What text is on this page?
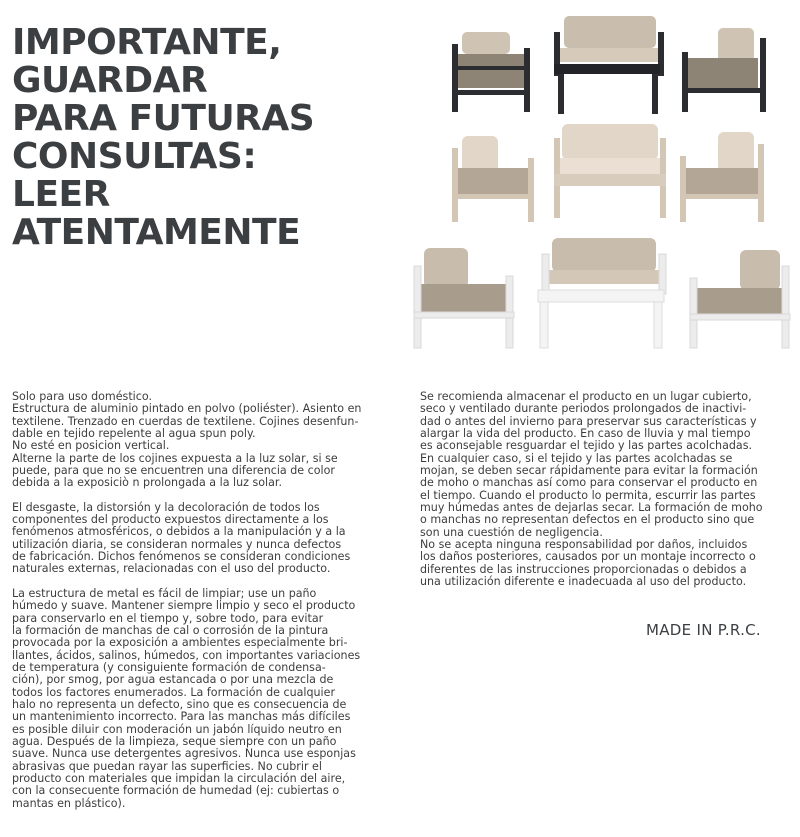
IMPORTANTE,
GUARDAR
PARA FUTURAS
CONSULTAS:
LEER
ATENTAMENTE

Solo para uso doméstico.
Estructura de aluminio pintado en polvo (poliéster). Asiento en
textilene. Trenzado en cuerdas de textilene. Cojines desenfun-
dable en tejido repelente al agua spun poly.
No esté en posicion vertical.
Alterne la parte de los cojines expuesta a la luz solar, si se
puede, para que no se encuentren una diferencia de color
debida a la exposiciò n prolongada a la luz solar.

El desgaste, la distorsión y la decoloración de todos los
componentes del producto expuestos directamente a los
fenómenos atmosféricos, o debidos a la manipulación y a la
utilización diaria, se consideran normales y nunca defectos
de fabricación. Dichos fenómenos se consideran condiciones
naturales externas, relacionadas con el uso del producto.

La estructura de metal es fácil de limpiar; use un paño
húmedo y suave. Mantener siempre limpio y seco el producto
para conservarlo en el tiempo y, sobre todo, para evitar
la formación de manchas de cal o corrosión de la pintura
provocada por la exposición a ambientes especialmente bri-
llantes, ácidos, salinos, húmedos, con importantes variaciones
de temperatura (y consiguiente formación de condensa-
ción), por smog, por agua estancada o por una mezcla de
todos los factores enumerados. La formación de cualquier
halo no representa un defecto, sino que es consecuencia de
un mantenimiento incorrecto. Para las manchas más difíciles
es posible diluir con moderación un jabón líquido neutro en
agua. Después de la limpieza, seque siempre con un paño
suave. Nunca use detergentes agresivos. Nunca use esponjas
abrasivas que puedan rayar las superficies. No cubrir el
producto con materiales que impidan la circulación del aire,
con la consecuente formación de humedad (ej: cubiertas o
mantas en plástico).

Se recomienda almacenar el producto en un lugar cubierto,
seco y ventilado durante periodos prolongados de inactivi-
dad o antes del invierno para preservar sus características y
alargar la vida del producto. En caso de lluvia y mal tiempo
es aconsejable resguardar el tejido y las partes acolchadas.
En cualquier caso, si el tejido y las partes acolchadas se
mojan, se deben secar rápidamente para evitar la formación
de moho o manchas así como para conservar el producto en
el tiempo. Cuando el producto lo permita, escurrir las partes
muy húmedas antes de dejarlas secar. La formación de moho
o manchas no representan defectos en el producto sino que
son una cuestión de negligencia.
No se acepta ninguna responsabilidad por daños, incluidos
los daños posteriores, causados por un montaje incorrecto o
diferentes de las instrucciones proporcionadas o debidos a
una utilización diferente e inadecuada al uso del producto.

MADE IN P.R.C.
